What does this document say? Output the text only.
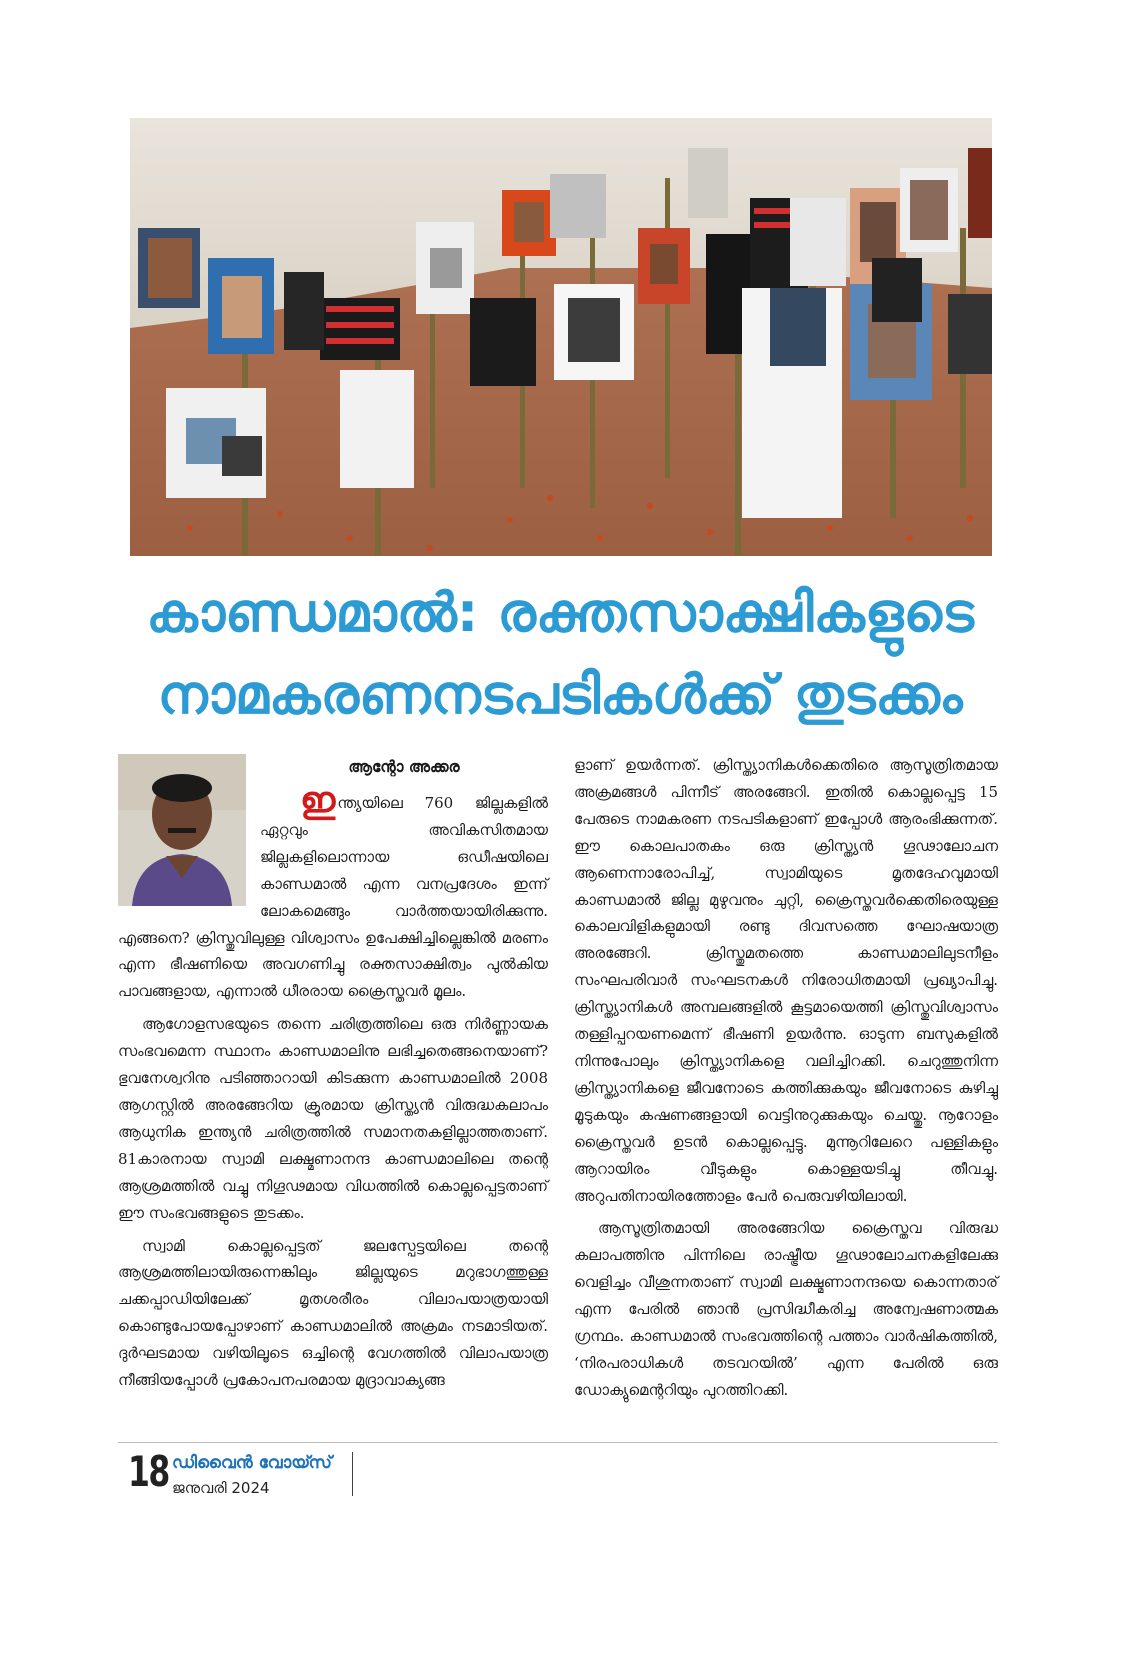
കാണ്ഡമാൽ: രക്തസാക്ഷികളുടെ
നാമകരണനടപടികൾക്ക് തുടക്കം

ആന്റോ അക്കര

ഇന്ത്യയിലെ 760 ജില്ലകളിൽ ഏറ്റവും അവികസിതമായ ജില്ലകളിലൊന്നായ ഒഡീഷയിലെ കാണ്ഡമാൽ എന്ന വനപ്രദേശം ഇന്ന് ലോകമെങ്ങും വാർത്തയായിരിക്കുന്നു. എങ്ങനെ? ക്രിസ്തുവിലുള്ള വിശ്വാസം ഉപേക്ഷിച്ചില്ലെങ്കിൽ മരണം എന്ന ഭീഷണിയെ അവഗണിച്ചു രക്തസാക്ഷിത്വം പുൽകിയ പാവങ്ങളായ, എന്നാൽ ധീരരായ ക്രൈസ്തവർ മൂലം.

ആഗോളസഭയുടെ തന്നെ ചരിത്രത്തിലെ ഒരു നിർണ്ണായക സംഭവമെന്ന സ്ഥാനം കാണ്ഡമാലിനു ലഭിച്ചതെങ്ങനെയാണ്? ഭുവനേശ്വറിനു പടിഞ്ഞാറായി കിടക്കുന്ന കാണ്ഡമാലിൽ 2008 ആഗസ്റ്റിൽ അരങ്ങേറിയ ക്രൂരമായ ക്രിസ്ത്യൻ വിരുദ്ധകലാപം ആധുനിക ഇന്ത്യൻ ചരിത്രത്തിൽ സമാനതകളില്ലാത്തതാണ്. 81കാരനായ സ്വാമി ലക്ഷ്മണാനന്ദ കാണ്ഡമാലിലെ തന്റെ ആശ്രമത്തിൽ വച്ചു നിഗൂഢമായ വിധത്തിൽ കൊല്ലപ്പെട്ടതാണ് ഈ സംഭവങ്ങളുടെ തുടക്കം.

സ്വാമി കൊല്ലപ്പെട്ടത് ജലസ്പേട്ടയിലെ തന്റെ ആശ്രമത്തിലായിരുന്നെങ്കിലും ജില്ലയുടെ മറുഭാഗത്തുള്ള ചക്കപ്പാഡിയിലേക്ക് മൃതശരീരം വിലാപയാത്രയായി കൊണ്ടുപോയപ്പോഴാണ് കാണ്ഡമാലിൽ അക്രമം നടമാടിയത്. ദുർഘടമായ വഴിയിലൂടെ ഒച്ചിന്റെ വേഗത്തിൽ വിലാപയാത്ര നീങ്ങിയപ്പോൾ പ്രകോപനപരമായ മുദ്രാവാക്യങ്ങ

ളാണ് ഉയർന്നത്. ക്രിസ്ത്യാനികൾക്കെതിരെ ആസൂത്രിതമായ അക്രമങ്ങൾ പിന്നീട് അരങ്ങേറി. ഇതിൽ കൊല്ലപ്പെട്ട 15 പേരുടെ നാമകരണ നടപടികളാണ് ഇപ്പോൾ ആരംഭിക്കുന്നത്. ഈ കൊലപാതകം ഒരു ക്രിസ്ത്യൻ ഗൂഢാലോചന ആണെന്നാരോപിച്ച്, സ്വാമിയുടെ മൃതദേഹവുമായി കാണ്ഡമാൽ ജില്ല മുഴുവനും ചുറ്റി, ക്രൈസ്തവർക്കെതിരെയുള്ള കൊലവിളികളുമായി രണ്ടു ദിവസത്തെ ഘോഷയാത്ര അരങ്ങേറി. ക്രിസ്തുമതത്തെ കാണ്ഡമാലിലുടനീളം സംഘപരിവാർ സംഘടനകൾ നിരോധിതമായി പ്രഖ്യാപിച്ചു. ക്രിസ്ത്യാനികൾ അമ്പലങ്ങളിൽ കൂട്ടമായെത്തി ക്രിസ്തുവിശ്വാസം തള്ളിപ്പറയണമെന്ന് ഭീഷണി ഉയർന്നു. ഓടുന്ന ബസുകളിൽ നിന്നുപോലും ക്രിസ്ത്യാനികളെ വലിച്ചിറക്കി. ചെറുത്തുനിന്ന ക്രിസ്ത്യാനികളെ ജീവനോടെ കത്തിക്കുകയും ജീവനോടെ കുഴിച്ചു മൂടുകയും കഷണങ്ങളായി വെട്ടിനുറുക്കുകയും ചെയ്തു. നൂറോളം ക്രൈസ്തവർ ഉടൻ കൊല്ലപ്പെട്ടു. മുന്നൂറിലേറെ പള്ളികളും ആറായിരം വീടുകളും കൊള്ളയടിച്ചു തീവച്ചു. അറുപതിനായിരത്തോളം പേർ പെരുവഴിയിലായി.

ആസൂത്രിതമായി അരങ്ങേറിയ ക്രൈസ്തവ വിരുദ്ധ കലാപത്തിനു പിന്നിലെ രാഷ്ട്രീയ ഗൂഢാലോചനകളിലേക്കു വെളിച്ചം വീശുന്നതാണ് സ്വാമി ലക്ഷ്മണാനന്ദയെ കൊന്നതാര് എന്ന പേരിൽ ഞാൻ പ്രസിദ്ധീകരിച്ച അന്വേഷണാത്മക ഗ്രന്ഥം. കാണ്ഡമാൽ സംഭവത്തിന്റെ പത്താം വാർഷികത്തിൽ, ‘നിരപരാധികൾ തടവറയിൽ’ എന്ന പേരിൽ ഒരു ഡോക്യുമെന്ററിയും പുറത്തിറക്കി.

18 ഡിവൈൻ വോയ്സ്
ജനുവരി 2024
